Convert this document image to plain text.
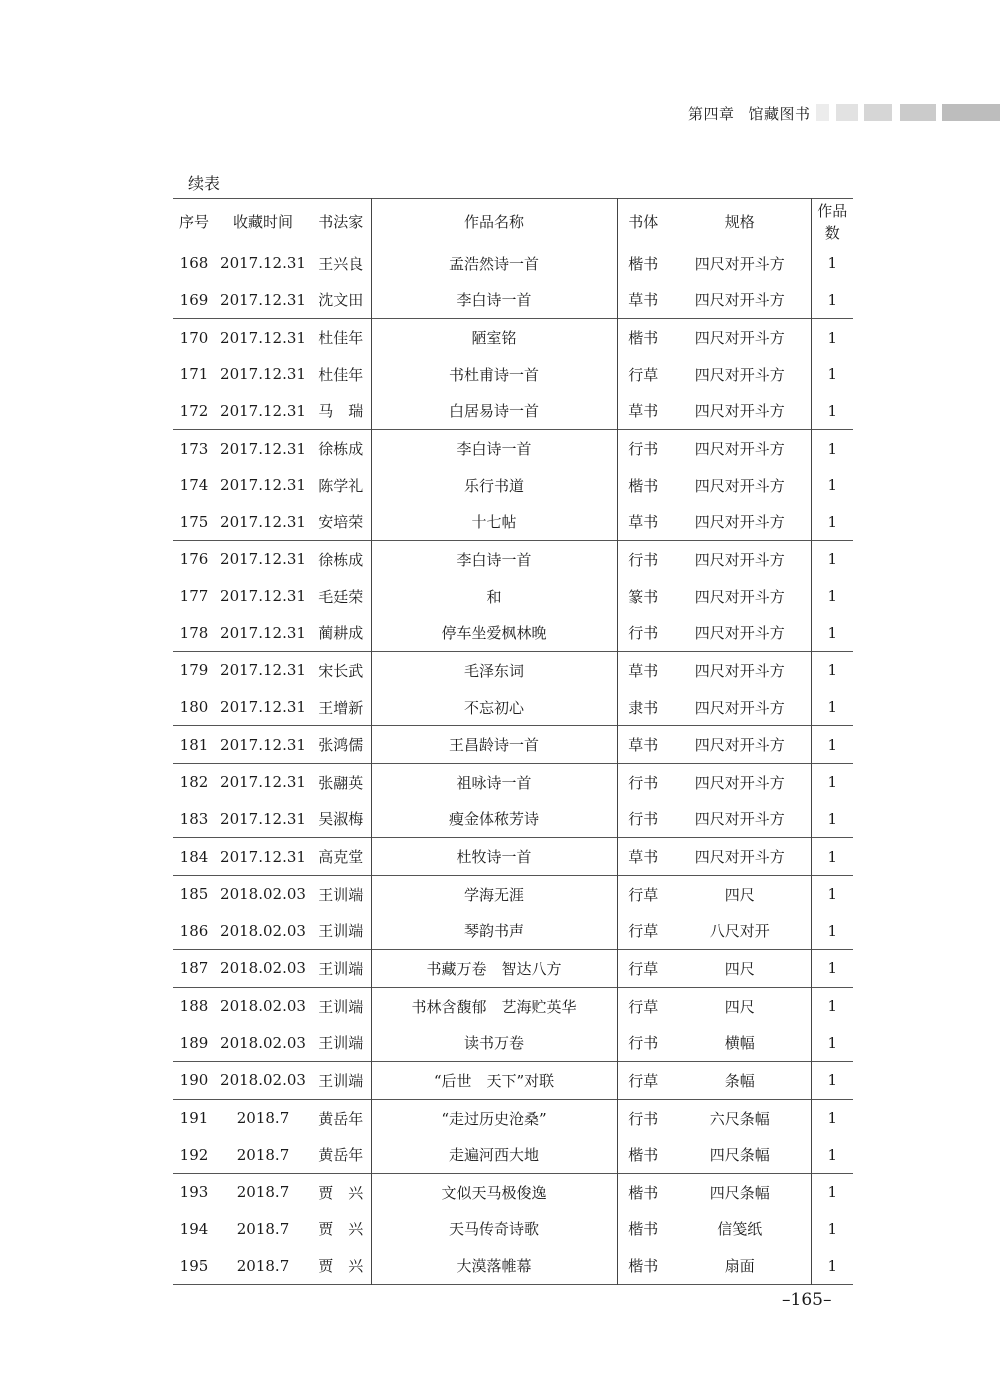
第四章 馆藏图书
续表
序号	收藏时间	书法家	作品名称	书体	规格	作品数
168	2017.12.31	王兴良	孟浩然诗一首	楷书	四尺对开斗方	1
169	2017.12.31	沈文田	李白诗一首	草书	四尺对开斗方	1
170	2017.12.31	杜佳年	陋室铭	楷书	四尺对开斗方	1
171	2017.12.31	杜佳年	书杜甫诗一首	行草	四尺对开斗方	1
172	2017.12.31	马　瑞	白居易诗一首	草书	四尺对开斗方	1
173	2017.12.31	徐栋成	李白诗一首	行书	四尺对开斗方	1
174	2017.12.31	陈学礼	乐行书道	楷书	四尺对开斗方	1
175	2017.12.31	安培荣	十七帖	草书	四尺对开斗方	1
176	2017.12.31	徐栋成	李白诗一首	行书	四尺对开斗方	1
177	2017.12.31	毛廷荣	和	篆书	四尺对开斗方	1
178	2017.12.31	蔺耕成	停车坐爱枫林晚	行书	四尺对开斗方	1
179	2017.12.31	宋长武	毛泽东词	草书	四尺对开斗方	1
180	2017.12.31	王增新	不忘初心	隶书	四尺对开斗方	1
181	2017.12.31	张鸿儒	王昌龄诗一首	草书	四尺对开斗方	1
182	2017.12.31	张翮英	祖咏诗一首	行书	四尺对开斗方	1
183	2017.12.31	吴淑梅	瘦金体秾芳诗	行书	四尺对开斗方	1
184	2017.12.31	高克堂	杜牧诗一首	草书	四尺对开斗方	1
185	2018.02.03	王训端	学海无涯	行草	四尺	1
186	2018.02.03	王训端	琴韵书声	行草	八尺对开	1
187	2018.02.03	王训端	书藏万卷　智达八方	行草	四尺	1
188	2018.02.03	王训端	书林含馥郁　艺海贮英华	行草	四尺	1
189	2018.02.03	王训端	读书万卷	行书	横幅	1
190	2018.02.03	王训端	“后世　天下”对联	行草	条幅	1
191	2018.7	黄岳年	“走过历史沧桑”	行书	六尺条幅	1
192	2018.7	黄岳年	走遍河西大地	楷书	四尺条幅	1
193	2018.7	贾　兴	文似天马极俊逸	楷书	四尺条幅	1
194	2018.7	贾　兴	天马传奇诗歌	楷书	信笺纸	1
195	2018.7	贾　兴	大漠落帷幕	楷书	扇面	1
–165–
